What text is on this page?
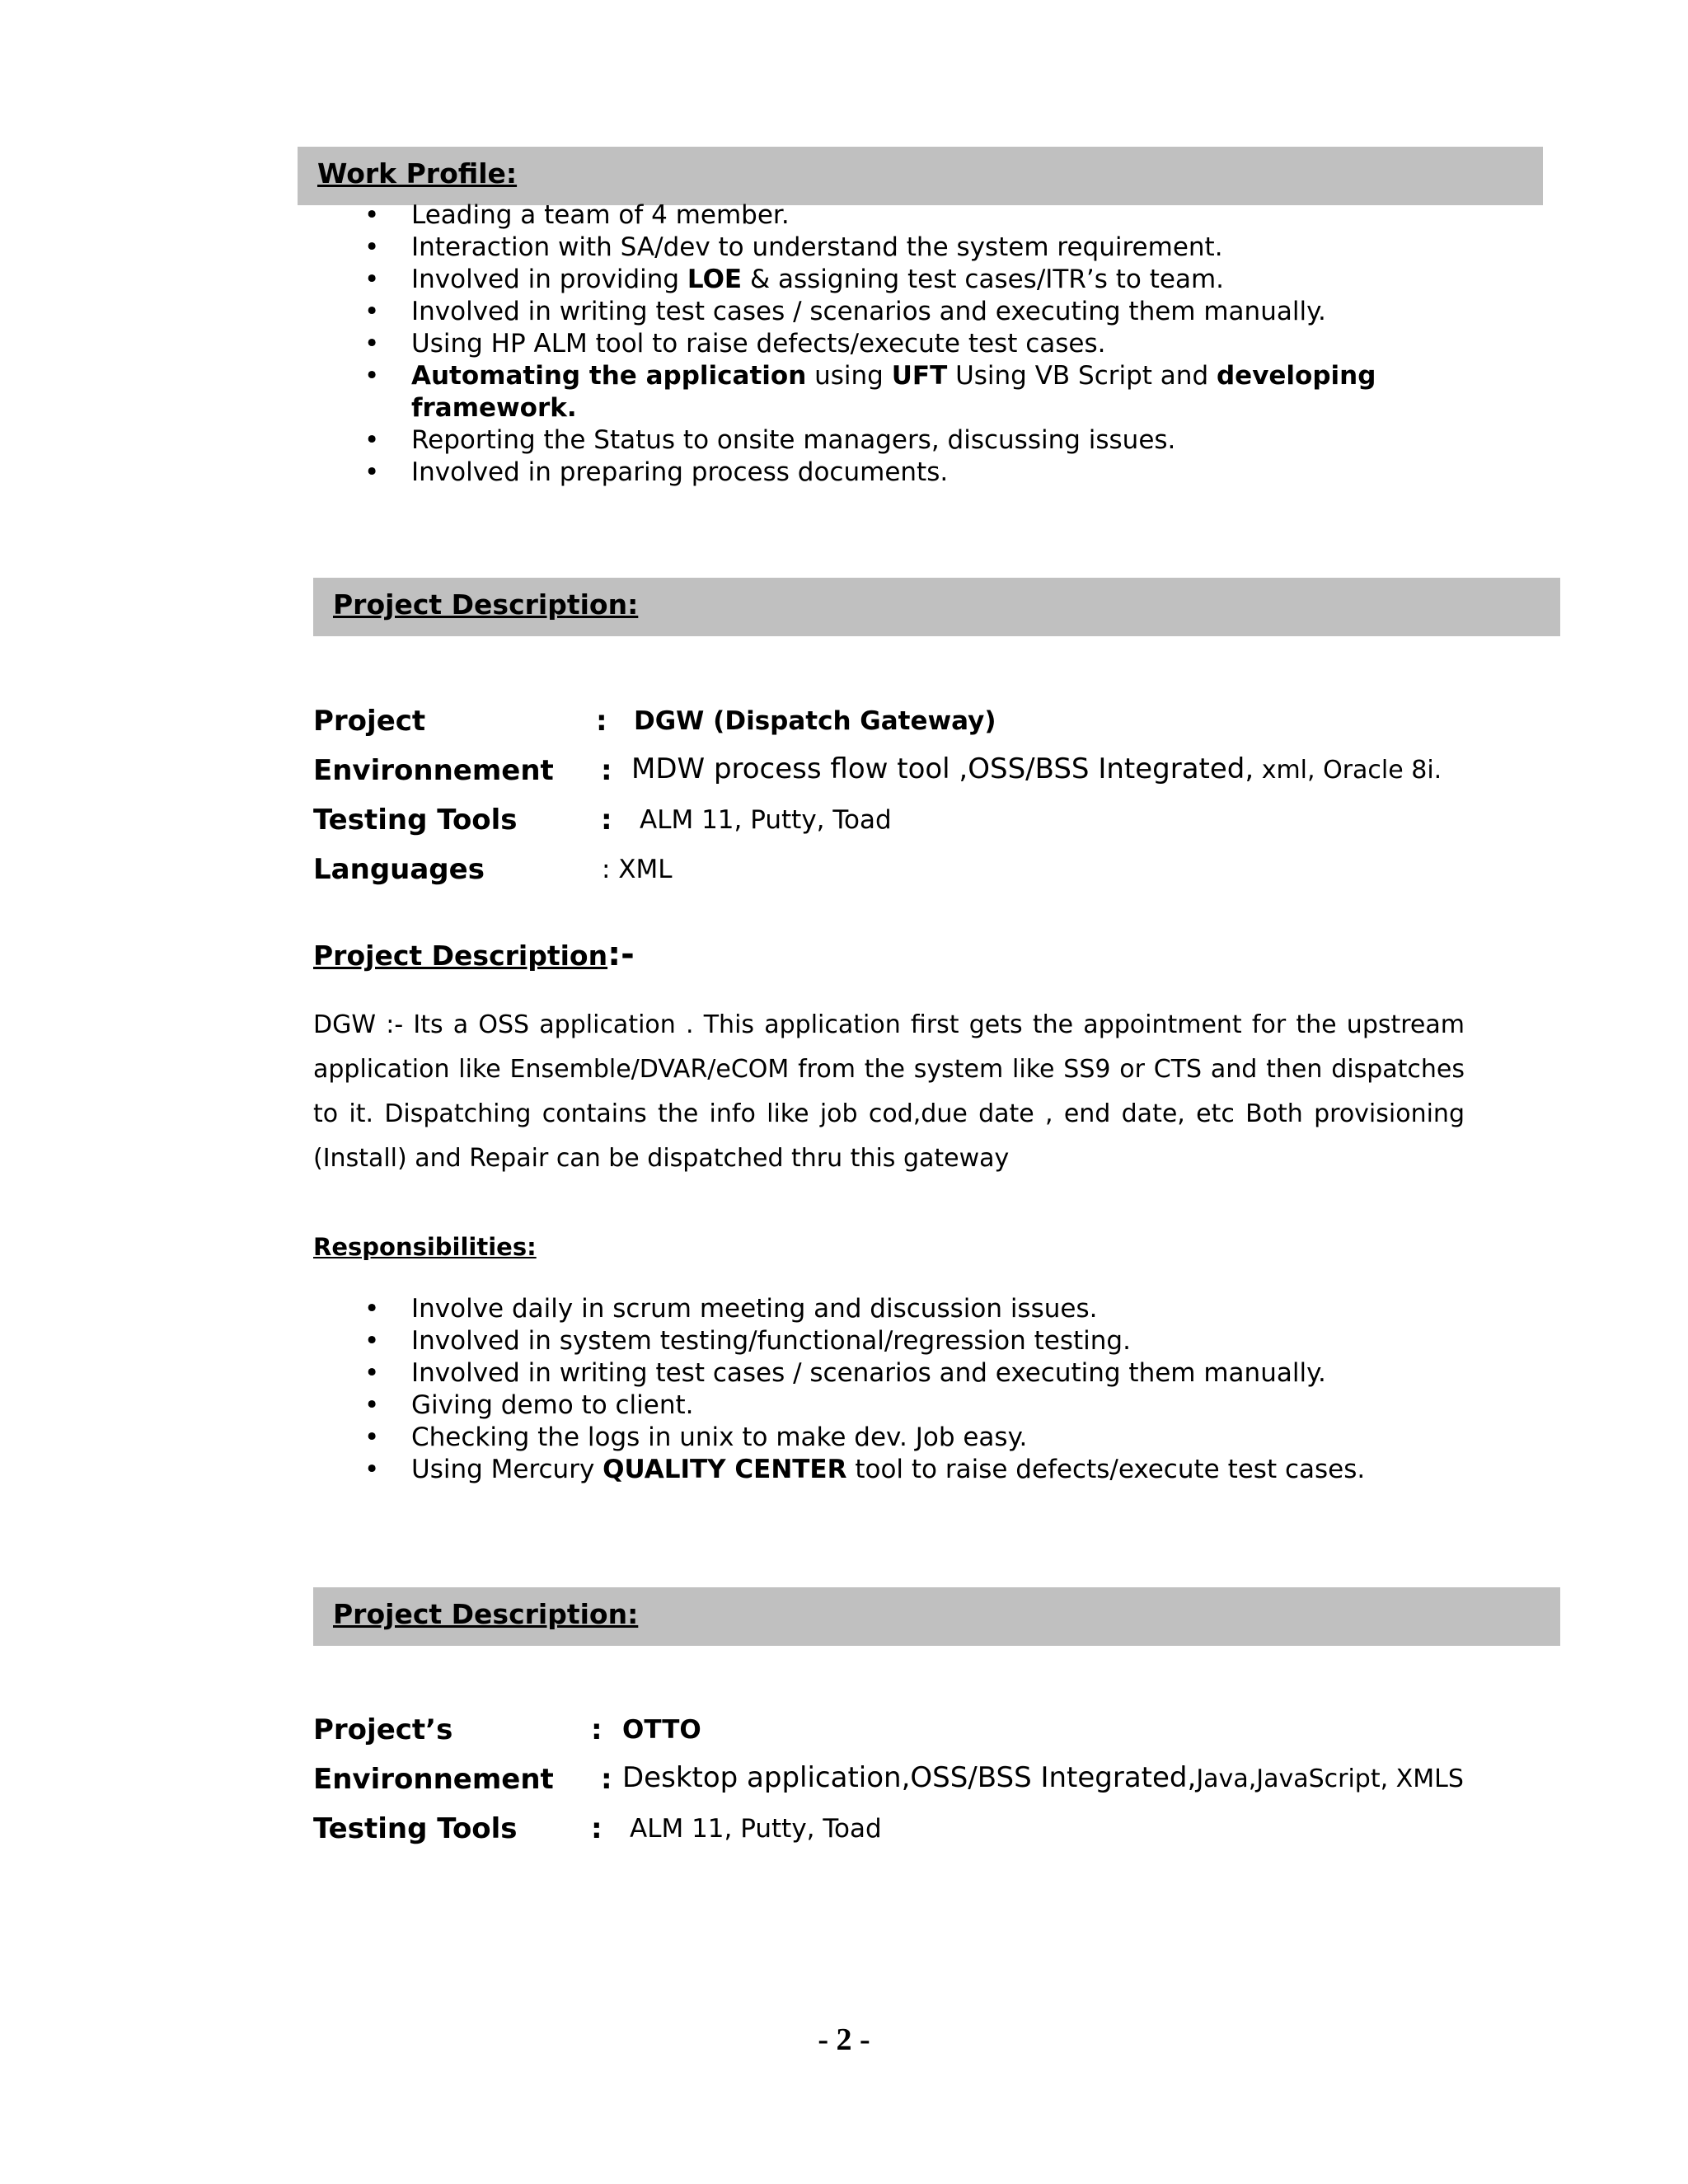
Work Profile:
• Leading a team of 4 member.
• Interaction with SA/dev to understand the system requirement.
• Involved in providing LOE & assigning test cases/ITR’s to team.
• Involved in writing test cases / scenarios and executing them manually.
• Using HP ALM tool to raise defects/execute test cases.
• Automating the application using UFT Using VB Script and developing
framework.
• Reporting the Status to onsite managers, discussing issues.
• Involved in preparing process documents.
Project Description:
Project	: DGW (Dispatch Gateway)
Environnement : MDW process flow tool ,OSS/BSS Integrated, xml, Oracle 8i.
Testing Tools	: ALM 11, Putty, Toad
Languages	: XML
Project Description:-
DGW :- Its a OSS application . This application first gets the appointment for the upstream
application like Ensemble/DVAR/eCOM from the system like SS9 or CTS and then dispatches
to it. Dispatching contains the info like job cod,due date , end date, etc Both provisioning
(Install) and Repair can be dispatched thru this gateway
Responsibilities:
• Involve daily in scrum meeting and discussion issues.
• Involved in system testing/functional/regression testing.
• Involved in writing test cases / scenarios and executing them manually.
• Giving demo to client.
• Checking the logs in unix to make dev. Job easy.
• Using Mercury QUALITY CENTER tool to raise defects/execute test cases.
Project Description:
Project’s	: OTTO
Environnement : Desktop application,OSS/BSS Integrated,Java,JavaScript, XMLS
Testing Tools	: ALM 11, Putty, Toad
- 2 -
